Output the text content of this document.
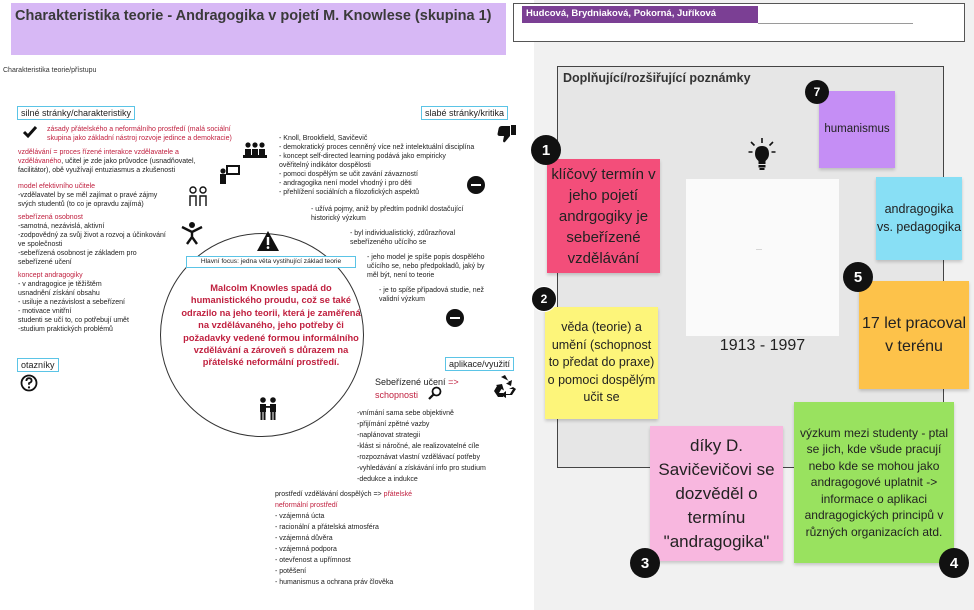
Charakteristika teorie - Andragogika v pojetí M. Knowlese (skupina 1)	Hudcová, Brydniaková, Pokorná, Juříková
Charakteristika teorie/přístupu
silné stránky/charakteristiky	slabé stránky/kritika
otazníky	aplikace/využití
zásady přátelského a neformálního prostředí (malá sociální
skupina jako základní nástroj rozvoje jedince a demokracie)
vzdělávání = proces řízené interakce vzdělavatele a
vzdělávaného, učitel je zde jako průvodce (usnadňovatel,
facilitátor), obě využívají entuziasmus a zkušenosti
model efektivního učitele
-vzdělavatel by se měl zajímat o pravé zájmy
svých studentů (to co je opravdu zajímá)
sebeřízená osobnost
-samotná, nezávislá, aktivní
-zodpovědný za svůj život a rozvoj a účinkování
ve společnosti
-sebeřízená osobnost je základem pro
sebeřízené učení
koncept andragogiky
- v andragogice je těžištěm
usnadnění získání obsahu
- usiluje a nezávislost a sebeřízení
- motivace vnitřní
studenti se učí to, co potřebují umět
-studium praktických problémů
- Knoll, Brookfield, Savičevič
- demokratický proces cenněný více než intelektuální disciplína
- koncept self-directed learning podává jako empiricky
ověřitelný indikátor dospělosti
- pomoci dospělým se učit zavání závazností
- andragogika není model vhodný i pro děti
- přehlížení sociálních a filozofických aspektů
- užívá pojmy, aniž by předtím podnikl dostačující
historický výzkum
- byl individualistický, zdůrazňoval
sebeřízeného učícího se
- jeho model je spíše popis dospělého
učícího se, nebo předpokladů, jaký by
měl být, není to teorie
- je to spíše případová studie, než
validní výzkum
Hlavní focus: jedna věta vystihující základ teorie
Malcolm Knowles spadá do humanistického proudu, což se také odrazilo na jeho teorii, která je zaměřená na vzdělávaného, jeho potřeby či požadavky vedené formou informálního vzdělávání a zároveň s důrazem na přátelské neformální prostředí.
Sebeřízené učení =>
schopnosti
-vnímání sama sebe objektivně
-přijímání zpětné vazby
-naplánovat strategii
-klást si náročné, ale realizovatelné cíle
-rozpoznávat vlastní vzdělávací potřeby
-vyhledávání a získávání info pro studium
-dedukce a indukce
prostředí vzdělávání dospělých => přátelské
neformální prostředí
- vzájemná úcta
- racionální a přátelská atmosféra
- vzájemná důvěra
- vzájemná podpora
- otevřenost a upřímnost
- potěšení
- humanismus a ochrana práv člověka
Doplňující/rozšiřující poznámky
—
1913 - 1997
klíčový termín v jeho pojetí andrgogiky je sebeřízené vzdělávání
1
věda (teorie) a umění (schopnost to předat do praxe) o pomoci dospělým učit se
2
díky D. Savičevičovi se dozvěděl o termínu "andragogika"
3
výzkum mezi studenty - ptal se jich, kde všude pracují nebo kde se mohou jako andragogové uplatnit -> informace o aplikaci andragogických principů v různých organizacích atd.
4
17 let pracoval v terénu
5
andragogika vs. pedagogika
humanismus
7
